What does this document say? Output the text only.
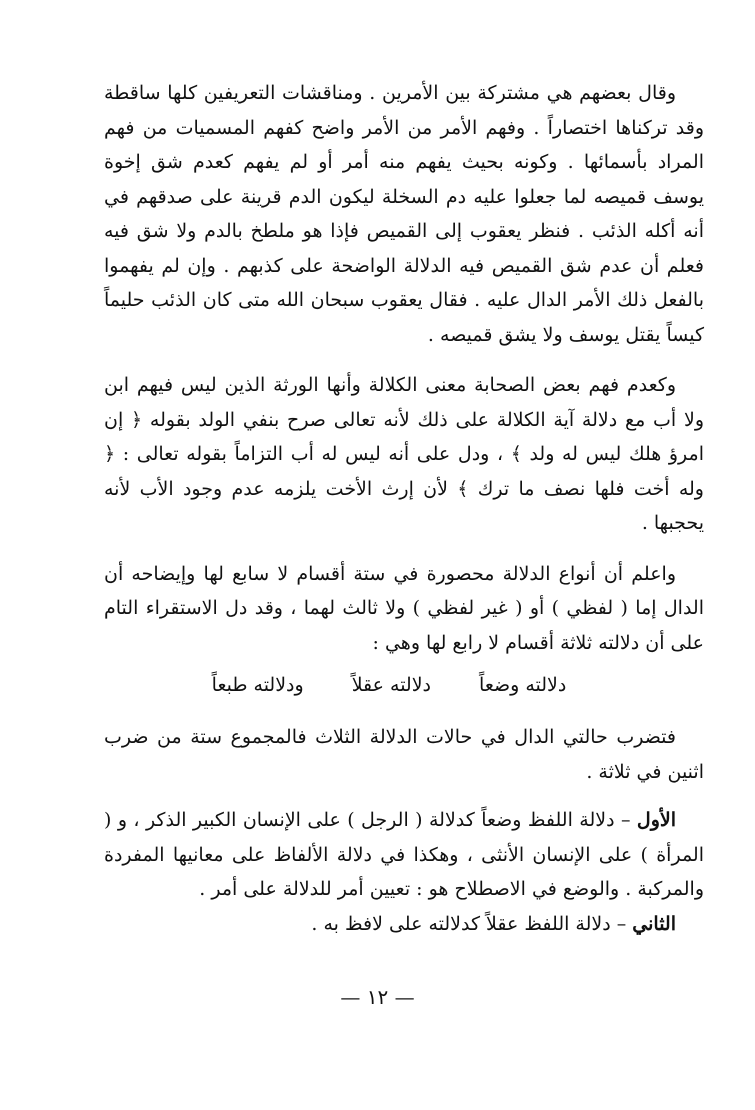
وقال بعضهم هي مشتركة بين الأمرين . ومناقشات التعريفين كلها ساقطة وقد تركناها اختصاراً . وفهم الأمر من الأمر واضح كفهم المسميات من فهم المراد بأسمائها . وكونه بحيث يفهم منه أمر أو لم يفهم كعدم شق إخوة يوسف قميصه لما جعلوا عليه دم السخلة ليكون الدم قرينة على صدقهم في أنه أكله الذئب . فنظر يعقوب إلى القميص فإذا هو ملطخ بالدم ولا شق فيه فعلم أن عدم شق القميص فيه الدلالة الواضحة على كذبهم . وإن لم يفهموا بالفعل ذلك الأمر الدال عليه . فقال يعقوب سبحان الله متى كان الذئب حليماً كيساً يقتل يوسف ولا يشق قميصه .

وكعدم فهم بعض الصحابة معنى الكلالة وأنها الورثة الذين ليس فيهم ابن ولا أب مع دلالة آية الكلالة على ذلك لأنه تعالى صرح بنفي الولد بقوله ﴿ إن امرؤ هلك ليس له ولد ﴾ ، ودل على أنه ليس له أب التزاماً بقوله تعالى : ﴿ وله أخت فلها نصف ما ترك ﴾ لأن إرث الأخت يلزمه عدم وجود الأب لأنه يحجبها .

واعلم أن أنواع الدلالة محصورة في ستة أقسام لا سابع لها وإيضاحه أن الدال إما ( لفظي ) أو ( غير لفظي ) ولا ثالث لهما ، وقد دل الاستقراء التام على أن دلالته ثلاثة أقسام لا رابع لها وهي :

دلالته وضعاً
دلالته عقلاً
ودلالته طبعاً

فتضرب حالتي الدال في حالات الدلالة الثلاث فالمجموع ستة من ضرب اثنين في ثلاثة .

الأول – دلالة اللفظ وضعاً كدلالة ( الرجل ) على الإنسان الكبير الذكر ، و ( المرأة ) على الإنسان الأنثى ، وهكذا في دلالة الألفاظ على معانيها المفردة والمركبة . والوضع في الاصطلاح هو : تعيين أمر للدلالة على أمر .

الثاني – دلالة اللفظ عقلاً كدلالته على لافظ به .

— ١٢ —
